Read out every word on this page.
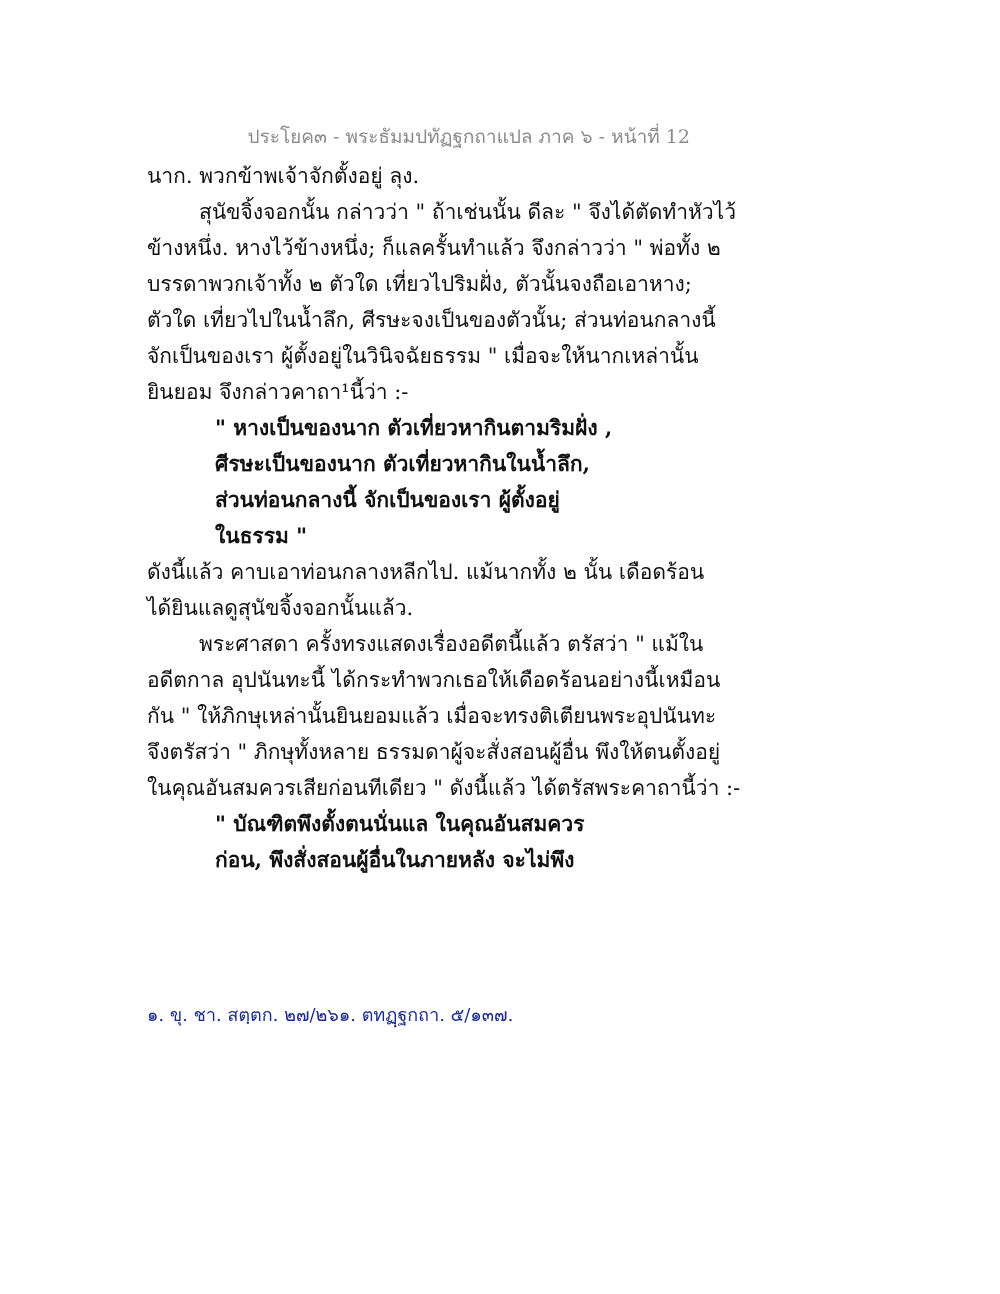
ประโยค๓ - พระธัมมปทัฏฐกถาแปล ภาค ๖ - หน้าที่ 12
นาก. พวกข้าพเจ้าจักตั้งอยู่ ลุง.
สุนัขจิ้งจอกนั้น กล่าวว่า " ถ้าเช่นนั้น ดีละ " จึงได้ตัดทำหัวไว้
ข้างหนึ่ง. หางไว้ข้างหนึ่ง; ก็แลครั้นทำแล้ว จึงกล่าวว่า " พ่อทั้ง ๒
บรรดาพวกเจ้าทั้ง ๒ ตัวใด เที่ยวไปริมฝั่ง, ตัวนั้นจงถือเอาหาง;
ตัวใด เที่ยวไปในน้ำลึก, ศีรษะจงเป็นของตัวนั้น; ส่วนท่อนกลางนี้
จักเป็นของเรา ผู้ตั้งอยู่ในวินิจฉัยธรรม " เมื่อจะให้นากเหล่านั้น
ยินยอม จึงกล่าวคาถา¹นี้ว่า :-
" หางเป็นของนาก ตัวเที่ยวหากินตามริมฝั่ง ,
ศีรษะเป็นของนาก ตัวเที่ยวหากินในน้ำลึก,
ส่วนท่อนกลางนี้ จักเป็นของเรา ผู้ตั้งอยู่
ในธรรม "
ดังนี้แล้ว คาบเอาท่อนกลางหลีกไป. แม้นากทั้ง ๒ นั้น เดือดร้อน
ได้ยินแลดูสุนัขจิ้งจอกนั้นแล้ว.
พระศาสดา ครั้งทรงแสดงเรื่องอดีตนี้แล้ว ตรัสว่า " แม้ใน
อดีตกาล อุปนันทะนี้ ได้กระทำพวกเธอให้เดือดร้อนอย่างนี้เหมือน
กัน " ให้ภิกษุเหล่านั้นยินยอมแล้ว เมื่อจะทรงติเตียนพระอุปนันทะ
จึงตรัสว่า " ภิกษุทั้งหลาย ธรรมดาผู้จะสั่งสอนผู้อื่น พึงให้ตนตั้งอยู่
ในคุณอันสมควรเสียก่อนทีเดียว " ดังนี้แล้ว ได้ตรัสพระคาถานี้ว่า :-
" บัณฑิตพึงตั้งตนนั่นแล ในคุณอันสมควร
ก่อน, พึงสั่งสอนผู้อื่นในภายหลัง จะไม่พึง
๑. ขุ. ชา. สตฺตก. ๒๗/๒๖๑. ตทฏฺฐกถา. ๕/๑๓๗.
